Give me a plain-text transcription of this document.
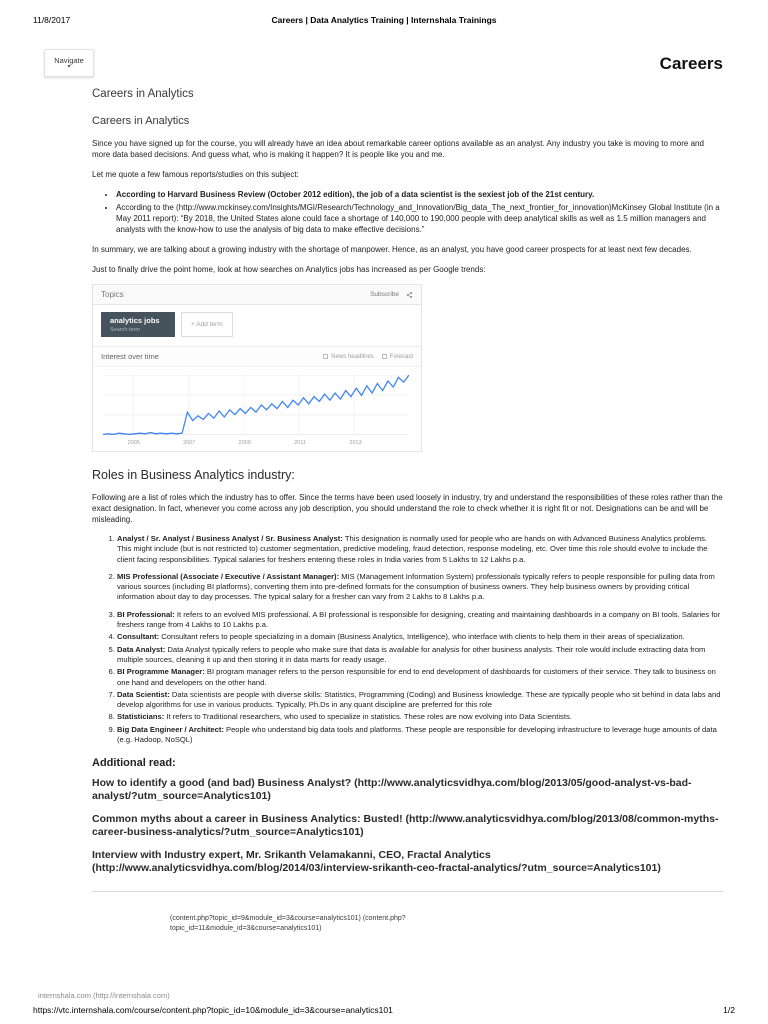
11/8/2017	Careers | Data Analytics Training | Internshala Trainings
Navigate
▾	Careers
Careers in Analytics
Careers in Analytics

Since you have signed up for the course, you will already have an idea about remarkable career options available as an analyst. Any industry you take is moving to more and more data based decisions. And guess what, who is making it happen? It is people like you and me.

Let me quote a few famous reports/studies on this subject:

• According to Harvard Business Review (October 2012 edition), the job of a data scientist is the sexiest job of the 21st century.
• According to the (http://www.mckinsey.com/Insights/MGI/Research/Technology_and_Innovation/Big_data_The_next_frontier_for_innovation)McKinsey Global Institute (in a May 2011 report): “By 2018, the United States alone could face a shortage of 140,000 to 190,000 people with deep analytical skills as well as 1.5 million managers and analysts with the know-how to use the analysis of big data to make effective decisions.”

In summary, we are talking about a growing industry with the shortage of manpower. Hence, as an analyst, you have good career prospects for at least next few decades.

Just to finally drive the point home, look at how searches on Analytics jobs has increased as per Google trends:

Topics	Subscribe
analytics jobs
Search term
+ Add term
Interest over time	News headlines	Forecast
2005	2007	2009	2011	2013
Roles in Business Analytics industry:

Following are a list of roles which the industry has to offer. Since the terms have been used loosely in industry, try and understand the responsibilities of these roles rather than the exact designation. In fact, whenever you come across any job description, you should understand the role to check whether it is right fit or not. Designations can be and will be misleading.

1. Analyst / Sr. Analyst / Business Analyst / Sr. Business Analyst: This designation is normally used for people who are hands on with Advanced Business Analytics problems. This might include (but is not restricted to) customer segmentation, predictive modeling, fraud detection, response modeling, etc. Over time this role should evolve to include the client facing responsibilities. Typical salaries for freshers entering these roles in India varies from 5 Lakhs to 12 Lakhs p.a.
2. MIS Professional (Associate / Executive / Assistant Manager): MIS (Management Information System) professionals typically refers to people responsible for pulling data from various sources (including BI platforms), converting them into pre-defined formats for the consumption of business owners. They help business owners by providing critical information about day to day processes. The typical salary for a fresher can vary from 2 Lakhs to 8 Lakhs p.a.
3. BI Professional: It refers to an evolved MIS professional. A BI professional is responsible for designing, creating and maintaining dashboards in a company on BI tools. Salaries for freshers range from 4 Lakhs to 10 Lakhs p.a.
4. Consultant: Consultant refers to people specializing in a domain (Business Analytics, Intelligence), who interface with clients to help them in their areas of specialization.
5. Data Analyst: Data Analyst typically refers to people who make sure that data is available for analysis for other business analysts. Their role would include extracting data from multiple sources, cleaning it up and then storing it in data marts for ready usage.
6. BI Programme Manager: BI program manager refers to the person responsible for end to end development of dashboards for customers of their service. They talk to business on one hand and developers on the other hand.
7. Data Scientist: Data scientists are people with diverse skills: Statistics, Programming (Coding) and Business knowledge. These are typically people who sit behind in data labs and develop algorithms for use in various products. Typically, Ph.Ds in any quant discipline are preferred for this role
8. Statisticians: It refers to Traditional researchers, who used to specialize in statistics. These roles are now evolving into Data Scientists.
9. Big Data Engineer / Architect: People who understand big data tools and platforms. These people are responsible for developing infrastructure to leverage huge amounts of data (e.g. Hadoop, NoSQL)
Additional read:
How to identify a good (and bad) Business Analyst? (http://www.analyticsvidhya.com/blog/2013/05/good-analyst-vs-bad-analyst/?utm_source=Analytics101)
Common myths about a career in Business Analytics: Busted! (http://www.analyticsvidhya.com/blog/2013/08/common-myths-career-business-analytics/?utm_source=Analytics101)
Interview with Industry expert, Mr. Srikanth Velamakanni, CEO, Fractal Analytics (http://www.analyticsvidhya.com/blog/2014/03/interview-srikanth-ceo-fractal-analytics/?utm_source=Analytics101)
(content.php?topic_id=9&module_id=3&course=analytics101) (content.php?topic_id=11&module_id=3&course=analytics101)
internshala.com (http://internshala.com)
https://vtc.internshala.com/course/content.php?topic_id=10&module_id=3&course=analytics101	1/2
